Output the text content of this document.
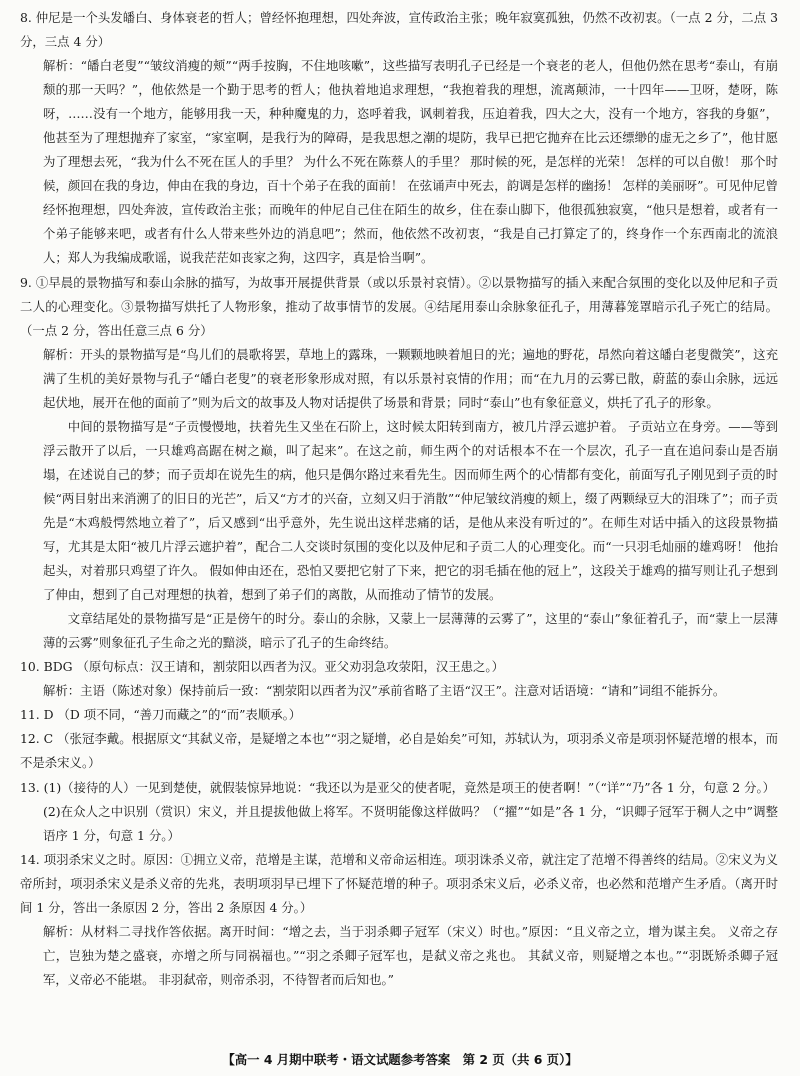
8. 仲尼是一个头发皤白、身体衰老的哲人；曾经怀抱理想，四处奔波，宣传政治主张；晚年寂寞孤独，仍然不改初衷。（一点 2 分，二点 3 分，三点 4 分）

解析：“皤白老叟”“皱纹消瘦的颊”“两手按胸，不住地咳嗽”，这些描写表明孔子已经是一个衰老的老人，但他仍然在思考“泰山，有崩颓的那一天吗？”，他依然是一个勤于思考的哲人；他执着地追求理想，“我抱着我的理想，流离颠沛，一十四年——卫呀，楚呀，陈呀，……没有一个地方，能够用我一天，种种魔鬼的力，恣呼着我，讽刺着我，压迫着我，四大之大，没有一个地方，容我的身躯”，他甚至为了理想抛弃了家室，“家室啊，是我行为的障碍，是我思想之潮的堤防，我早已把它抛弃在比云还缥缈的虚无之乡了”，他甘愿为了理想去死，“我为什么不死在匡人的手里？ 为什么不死在陈蔡人的手里？ 那时候的死，是怎样的光荣！ 怎样的可以自傲！ 那个时候，颜回在我的身边，伸由在我的身边，百十个弟子在我的面前！ 在弦诵声中死去，韵调是怎样的幽扬！ 怎样的美丽呀”。可见仲尼曾经怀抱理想，四处奔波，宣传政治主张；而晚年的仲尼自己住在陌生的故乡，住在泰山脚下，他很孤独寂寞，“他只是想着，或者有一个弟子能够来吧，或者有什么人带来些外边的消息吧”；然而，他依然不改初衷，“我是自己打算定了的，终身作一个东西南北的流浪人；郑人为我编成歌谣，说我茫茫如丧家之狗，这四字，真是恰当啊”。

9. ①早晨的景物描写和泰山余脉的描写，为故事开展提供背景（或以乐景衬哀情）。②以景物描写的插入来配合氛围的变化以及仲尼和子贡二人的心理变化。③景物描写烘托了人物形象，推动了故事情节的发展。④结尾用泰山余脉象征孔子，用薄暮笼罩暗示孔子死亡的结局。（一点 2 分，答出任意三点 6 分）

解析：开头的景物描写是“鸟儿们的晨歌将罢，草地上的露珠，一颗颗地映着旭日的光；遍地的野花，昂然向着这皤白老叟微笑”，这充满了生机的美好景物与孔子“皤白老叟”的衰老形象形成对照，有以乐景衬哀情的作用；而“在九月的云雾已散，蔚蓝的泰山余脉，远远起伏地，展开在他的面前了”则为后文的故事及人物对话提供了场景和背景；同时“泰山”也有象征意义，烘托了孔子的形象。

中间的景物描写是“子贡慢慢地，扶着先生又坐在石阶上，这时候太阳转到南方，被几片浮云遮护着。 子贡站立在身旁。——等到浮云散开了以后，一只雄鸡高踞在树之巅，叫了起来”。在这之前，师生两个的对话根本不在一个层次，孔子一直在追问泰山是否崩塌，在述说自己的梦；而子贡却在说先生的病，他只是偶尔路过来看先生。因而师生两个的心情都有变化，前面写孔子刚见到子贡的时候“两目射出来消溯了的旧日的光芒”，后又“方才的兴奋，立刻又归于消散”“仲尼皱纹消瘦的颊上，缀了两颗绿豆大的泪珠了”；而子贡先是“木鸡般愕然地立着了”，后又感到“出乎意外，先生说出这样悲痛的话，是他从来没有听过的”。在师生对话中插入的这段景物描写，尤其是太阳“被几片浮云遮护着”，配合二人交谈时氛围的变化以及仲尼和子贡二人的心理变化。而“一只羽毛灿丽的雄鸡呀！ 他抬起头，对着那只鸡望了许久。 假如伸由还在，恐怕又要把它射了下来，把它的羽毛插在他的冠上”，这段关于雄鸡的描写则让孔子想到了伸由，想到了自己对理想的执着，想到了弟子们的离散，从而推动了情节的发展。

文章结尾处的景物描写是“正是傍午的时分。泰山的余脉，又蒙上一层薄薄的云雾了”，这里的“泰山”象征着孔子，而“蒙上一层薄薄的云雾”则象征孔子生命之光的黯淡，暗示了孔子的生命终结。

10. BDG （原句标点：汉王请和，割荥阳以西者为汉。亚父劝羽急攻荥阳，汉王患之。）

解析：主语（陈述对象）保持前后一致：“割荥阳以西者为汉”承前省略了主语“汉王”。注意对话语境：“请和”词组不能拆分。

11. D （D 项不同，“善刀而藏之”的“而”表顺承。）

12. C （张冠李戴。根据原文“其弑义帝，是疑增之本也”“羽之疑增，必自是始矣”可知，苏轼认为，项羽杀义帝是项羽怀疑范增的根本，而不是杀宋义。）

13. (1)（接待的人）一见到楚使，就假装惊异地说：“我还以为是亚父的使者呢，竟然是项王的使者啊！”（“详”“乃”各 1 分，句意 2 分。）

(2)在众人之中识别（赏识）宋义，并且提拔他做上将军。不贤明能像这样做吗？（“擢”“如是”各 1 分，“识卿子冠军于稠人之中”调整语序 1 分，句意 1 分。）

14. 项羽杀宋义之时。原因：①拥立义帝，范增是主谋，范增和义帝命运相连。项羽诛杀义帝，就注定了范增不得善终的结局。②宋义为义帝所封，项羽杀宋义是杀义帝的先兆，表明项羽早已埋下了怀疑范增的种子。项羽杀宋义后，必杀义帝，也必然和范增产生矛盾。（离开时间 1 分，答出一条原因 2 分，答出 2 条原因 4 分。）

解析：从材料二寻找作答依据。离开时间：“增之去，当于羽杀卿子冠军（宋义）时也。”原因：“且义帝之立，增为谋主矣。 义帝之存亡，岂独为楚之盛衰，亦增之所与同祸福也。”“羽之杀卿子冠军也，是弑义帝之兆也。 其弑义帝，则疑增之本也。”“羽既矫杀卿子冠军，义帝必不能堪。 非羽弑帝，则帝杀羽，不待智者而后知也。”

【高一 4 月期中联考・语文试题参考答案　第 2 页（共 6 页）】
